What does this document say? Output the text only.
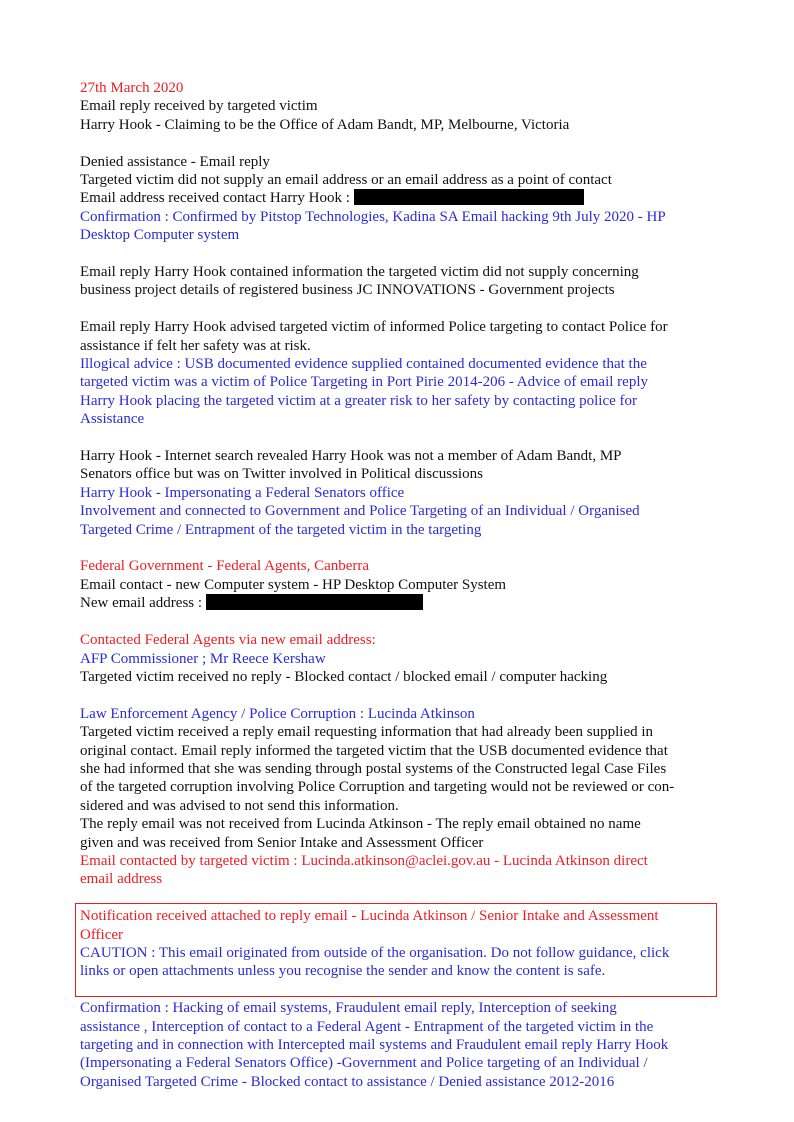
27th March 2020
Email reply received by targeted victim
Harry Hook - Claiming to be the Office of Adam Bandt, MP, Melbourne, Victoria
Denied assistance - Email reply
Targeted victim did not supply an email address or an email address as a point of contact
Email address received contact Harry Hook :
Confirmation : Confirmed by Pitstop Technologies, Kadina SA Email hacking 9th July 2020 - HP
Desktop Computer system
Email reply Harry Hook contained information the targeted victim did not supply concerning
business project details of registered business JC INNOVATIONS - Government projects
Email reply Harry Hook advised targeted victim of informed Police targeting to contact Police for
assistance if felt her safety was at risk.
Illogical advice : USB documented evidence supplied contained documented evidence that the
targeted victim was a victim of Police Targeting in Port Pirie 2014-206 - Advice of email reply
Harry Hook placing the targeted victim at a greater risk to her safety by contacting police for
Assistance
Harry Hook - Internet search revealed Harry Hook was not a member of Adam Bandt, MP
Senators office but was on Twitter involved in Political discussions
Harry Hook - Impersonating a Federal Senators office
Involvement and connected to Government and Police Targeting of an Individual / Organised
Targeted Crime / Entrapment of the targeted victim in the targeting
Federal Government - Federal Agents, Canberra
Email contact - new Computer system - HP Desktop Computer System
New email address :
Contacted Federal Agents via new email address:
AFP Commissioner ; Mr Reece Kershaw
Targeted victim received no reply - Blocked contact / blocked email / computer hacking
Law Enforcement Agency / Police Corruption : Lucinda Atkinson
Targeted victim received a reply email requesting information that had already been supplied in
original contact. Email reply informed the targeted victim that the USB documented evidence that
she had informed that she was sending through postal systems of the Constructed legal Case Files
of the targeted corruption involving Police Corruption and targeting would not be reviewed or con-
sidered and was advised to not send this information.
The reply email was not received from Lucinda Atkinson - The reply email obtained no name
given and was received from Senior Intake and Assessment Officer
Email contacted by targeted victim : Lucinda.atkinson@aclei.gov.au - Lucinda Atkinson direct
email address
Notification received attached to reply email - Lucinda Atkinson / Senior Intake and Assessment
Officer
CAUTION : This email originated from outside of the organisation. Do not follow guidance, click
links or open attachments unless you recognise the sender and know the content is safe.
Confirmation : Hacking of email systems, Fraudulent email reply, Interception of seeking
assistance , Interception of contact to a Federal Agent - Entrapment of the targeted victim in the
targeting and in connection with Intercepted mail systems and Fraudulent email reply Harry Hook
(Impersonating a Federal Senators Office) -Government and Police targeting of an Individual /
Organised Targeted Crime - Blocked contact to assistance / Denied assistance 2012-2016
